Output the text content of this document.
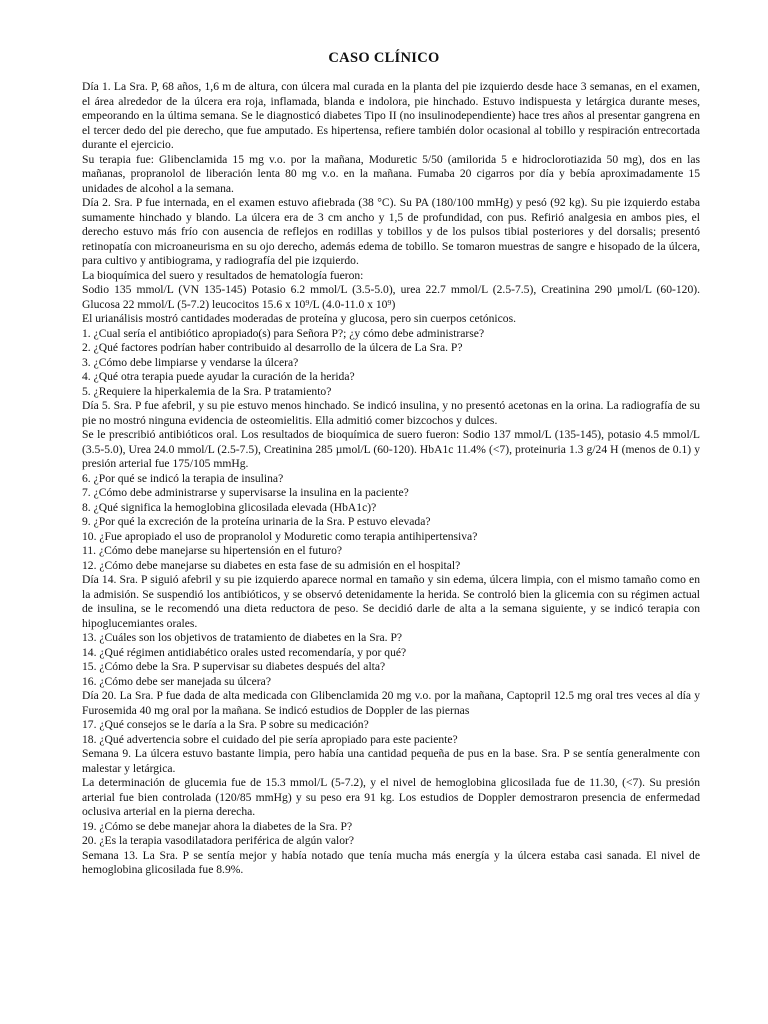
CASO CLÍNICO

Día 1. La Sra. P, 68 años, 1,6 m de altura, con úlcera mal curada en la planta del pie izquierdo desde hace 3 semanas, en el examen, el área alrededor de la úlcera era roja, inflamada, blanda e indolora, pie hinchado. Estuvo indispuesta y letárgica durante meses, empeorando en la última semana. Se le diagnosticó diabetes Tipo II (no insulinodependiente) hace tres años al presentar gangrena en el tercer dedo del pie derecho, que fue amputado. Es hipertensa, refiere también dolor ocasional al tobillo y respiración entrecortada durante el ejercicio.

Su terapia fue: Glibenclamida 15 mg v.o. por la mañana, Moduretic 5/50 (amilorida 5 e hidroclorotiazida 50 mg), dos en las mañanas, propranolol de liberación lenta 80 mg v.o. en la mañana. Fumaba 20 cigarros por día y bebía aproximadamente 15 unidades de alcohol a la semana.

Día 2. Sra. P fue internada, en el examen estuvo afiebrada (38 °C). Su PA (180/100 mmHg) y pesó (92 kg). Su pie izquierdo estaba sumamente hinchado y blando. La úlcera era de 3 cm ancho y 1,5 de profundidad, con pus. Refirió analgesia en ambos pies, el derecho estuvo más frío con ausencia de reflejos en rodillas y tobillos y de los pulsos tibial posteriores y del dorsalis; presentó retinopatía con microaneurisma en su ojo derecho, además edema de tobillo. Se tomaron muestras de sangre e hisopado de la úlcera, para cultivo y antibiograma, y radiografía del pie izquierdo.

La bioquímica del suero y resultados de hematología fueron:

Sodio 135 mmol/L (VN 135-145) Potasio 6.2 mmol/L (3.5-5.0), urea 22.7 mmol/L (2.5-7.5), Creatinina 290 µmol/L (60-120). Glucosa 22 mmol/L (5-7.2) leucocitos 15.6 x 10⁹/L (4.0-11.0 x 10⁹)

El urianálisis mostró cantidades moderadas de proteína y glucosa, pero sin cuerpos cetónicos.

1. ¿Cual sería el antibiótico apropiado(s) para Señora P?; ¿y cómo debe administrarse?

2. ¿Qué factores podrían haber contribuido al desarrollo de la úlcera de La Sra. P?

3. ¿Cómo debe limpiarse y vendarse la úlcera?

4. ¿Qué otra terapia puede ayudar la curación de la herida?

5. ¿Requiere la hiperkalemia de la Sra. P tratamiento?

Día 5. Sra. P fue afebril, y su pie estuvo menos hinchado. Se indicó insulina, y no presentó acetonas en la orina. La radiografía de su pie no mostró ninguna evidencia de osteomielitis. Ella admitió comer bizcochos y dulces.

Se le prescribió antibióticos oral. Los resultados de bioquímica de suero fueron: Sodio 137 mmol/L (135-145), potasio 4.5 mmol/L (3.5-5.0), Urea 24.0 mmol/L (2.5-7.5), Creatinina 285 µmol/L (60-120). HbA1c 11.4% (<7), proteinuria 1.3 g/24 H (menos de 0.1) y presión arterial fue 175/105 mmHg.

6. ¿Por qué se indicó la terapia de insulina?

7. ¿Cómo debe administrarse y supervisarse la insulina en la paciente?

8. ¿Qué significa la hemoglobina glicosilada elevada (HbA1c)?

9. ¿Por qué la excreción de la proteína urinaria de la Sra. P estuvo elevada?

10. ¿Fue apropiado el uso de propranolol y Moduretic como terapia antihipertensiva?

11. ¿Cómo debe manejarse su hipertensión en el futuro?

12. ¿Cómo debe manejarse su diabetes en esta fase de su admisión en el hospital?

Día 14. Sra. P siguió afebril y su pie izquierdo aparece normal en tamaño y sin edema, úlcera limpia, con el mismo tamaño como en la admisión. Se suspendió los antibióticos, y se observó detenidamente la herida. Se controló bien la glicemia con su régimen actual de insulina, se le recomendó una dieta reductora de peso. Se decidió darle de alta a la semana siguiente, y se indicó terapia con hipoglucemiantes orales.

13. ¿Cuáles son los objetivos de tratamiento de diabetes en la Sra. P?

14. ¿Qué régimen antidiabético orales usted recomendaría, y por qué?

15. ¿Cómo debe la Sra. P supervisar su diabetes después del alta?

16. ¿Cómo debe ser manejada su úlcera?

Día 20. La Sra. P fue dada de alta medicada con Glibenclamida 20 mg v.o. por la mañana, Captopril 12.5 mg oral tres veces al día y Furosemida 40 mg oral por la mañana. Se indicó estudios de Doppler de las piernas

17. ¿Qué consejos se le daría a la Sra. P sobre su medicación?

18. ¿Qué advertencia sobre el cuidado del pie sería apropiado para este paciente?

Semana 9. La úlcera estuvo bastante limpia, pero había una cantidad pequeña de pus en la base. Sra. P se sentía generalmente con malestar y letárgica.

La determinación de glucemia fue de 15.3 mmol/L (5-7.2), y el nivel de hemoglobina glicosilada fue de 11.30, (<7). Su presión arterial fue bien controlada (120/85 mmHg) y su peso era 91 kg. Los estudios de Doppler demostraron presencia de enfermedad oclusiva arterial en la pierna derecha.

19. ¿Cómo se debe manejar ahora la diabetes de la Sra. P?

20. ¿Es la terapia vasodilatadora periférica de algún valor?

Semana 13. La Sra. P se sentía mejor y había notado que tenía mucha más energía y la úlcera estaba casi sanada. El nivel de hemoglobina glicosilada fue 8.9%.
